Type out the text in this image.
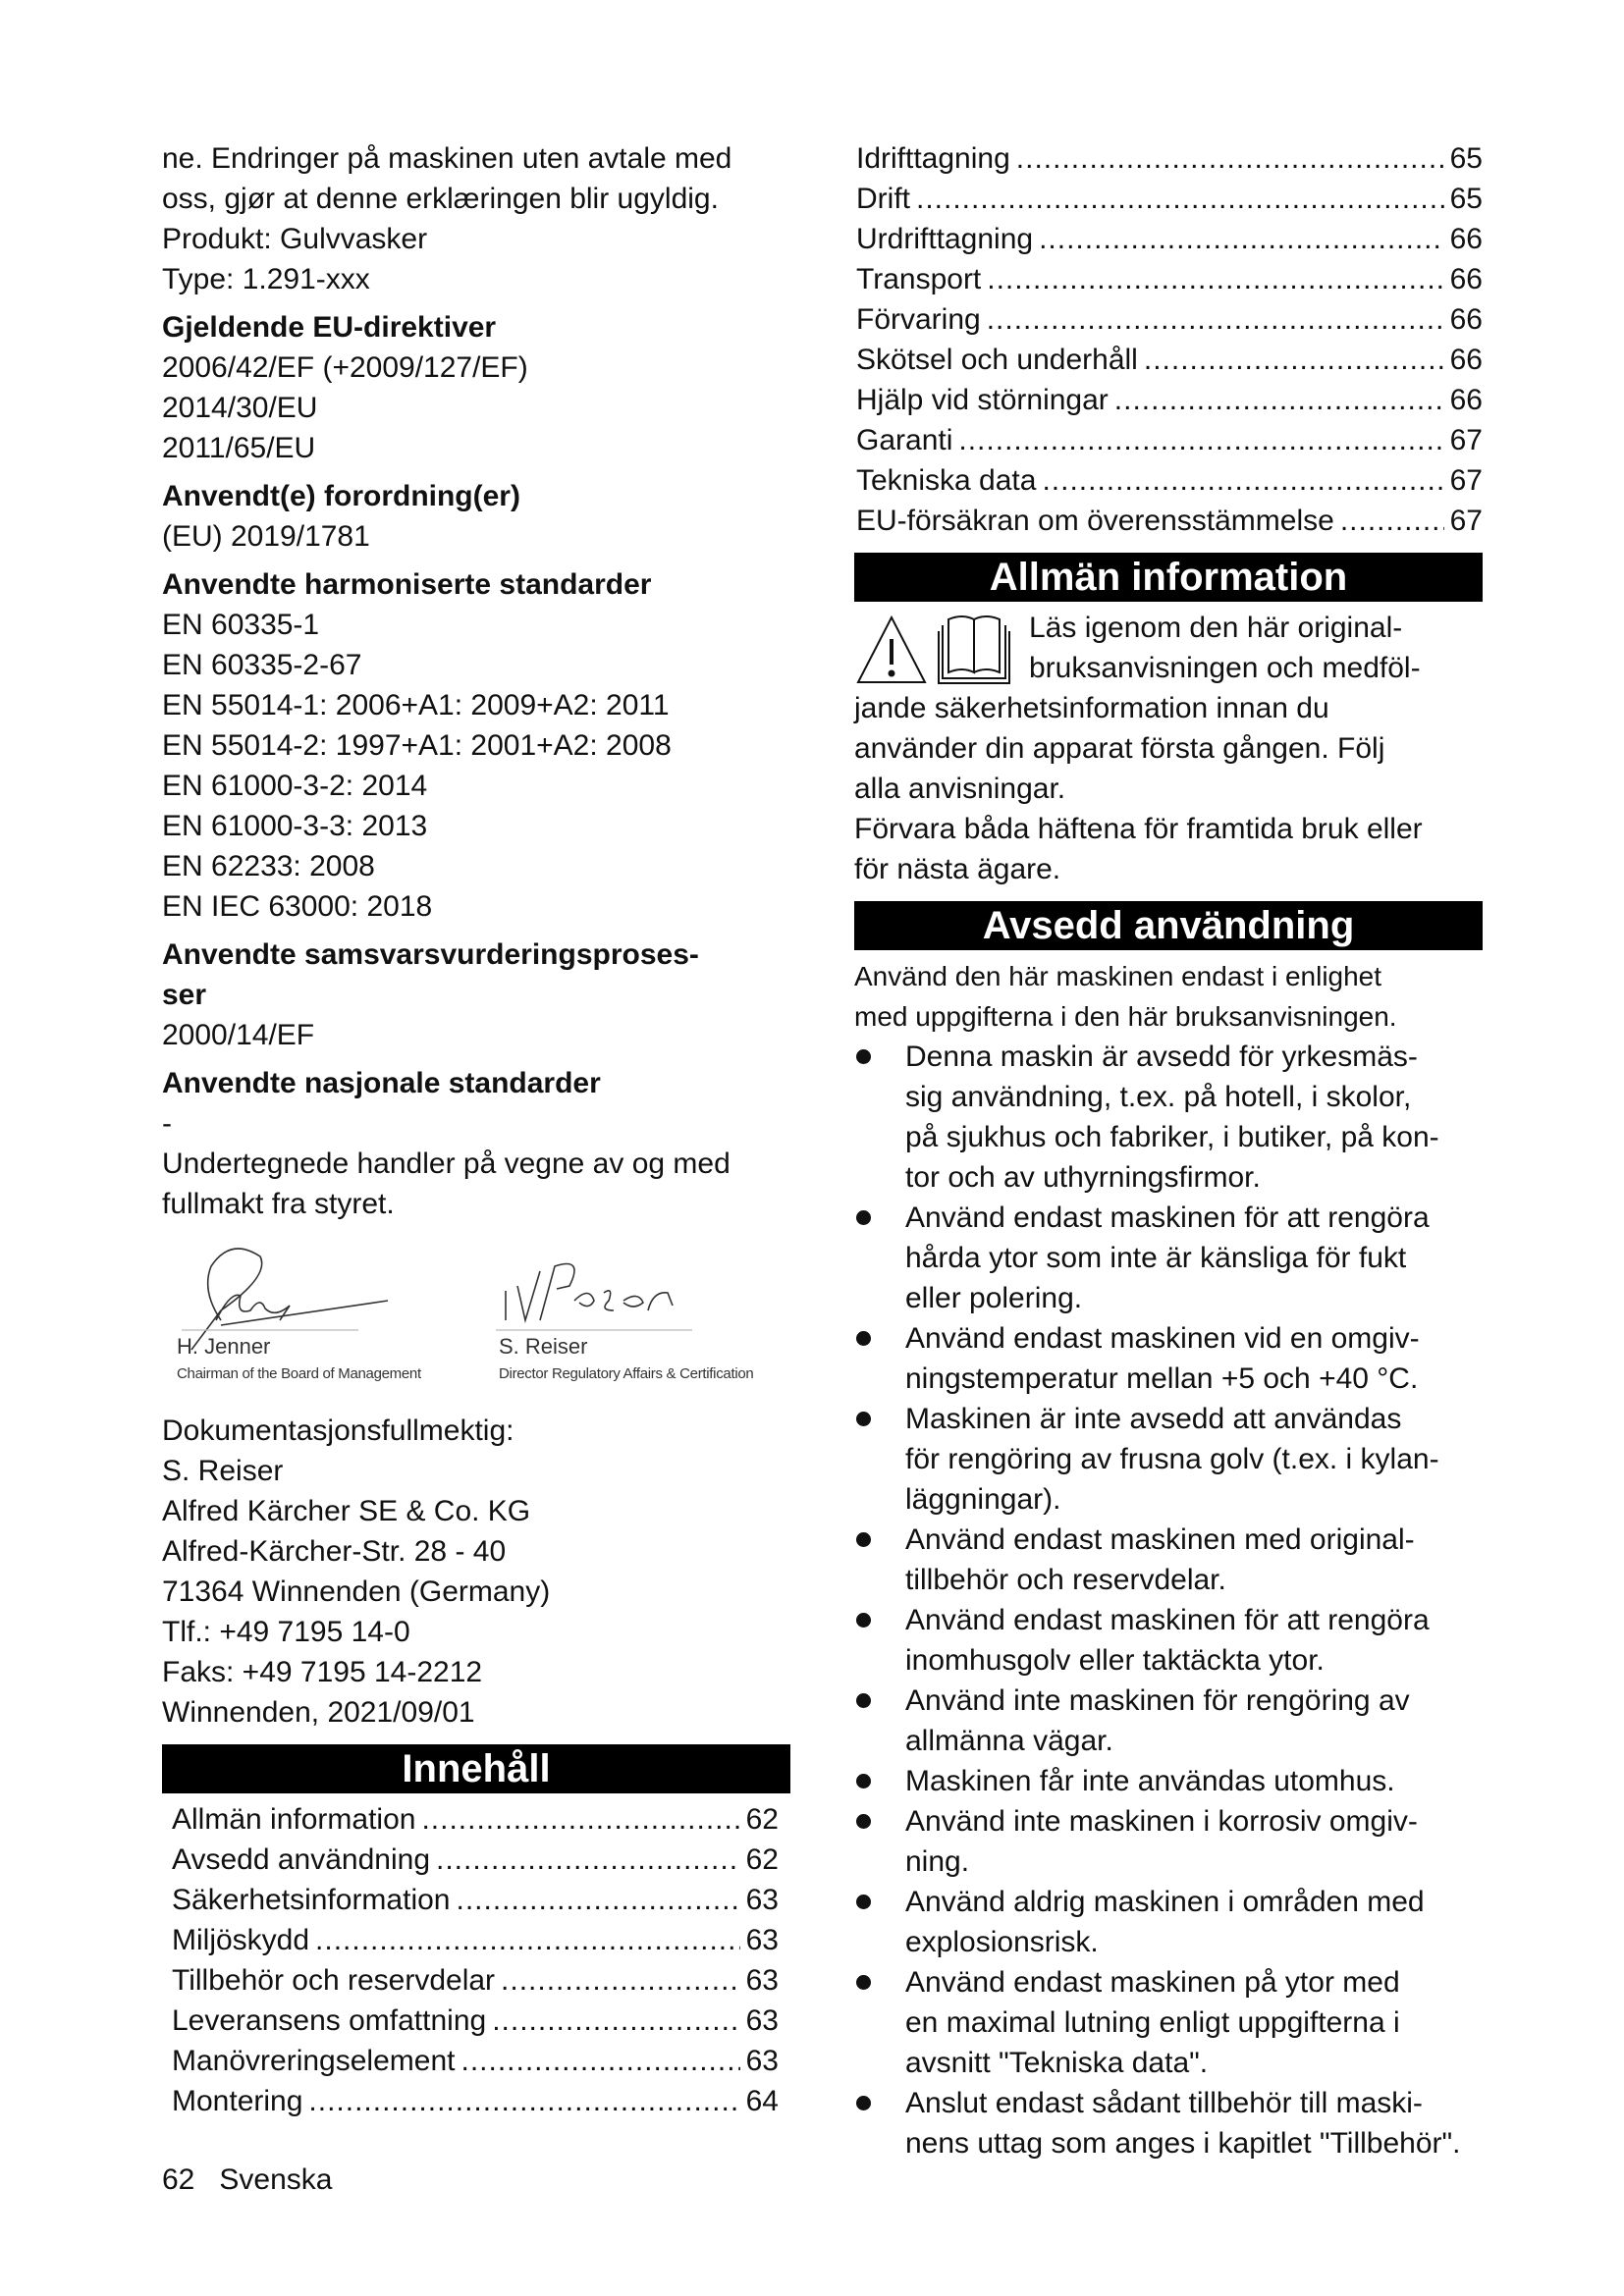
ne. Endringer på maskinen uten avtale med
oss, gjør at denne erklæringen blir ugyldig.
Produkt: Gulvvasker
Type: 1.291-xxx
Gjeldende EU-direktiver
2006/42/EF (+2009/127/EF)
2014/30/EU
2011/65/EU
Anvendt(e) forordning(er)
(EU) 2019/1781
Anvendte harmoniserte standarder
EN 60335-1
EN 60335-2-67
EN 55014-1: 2006+A1: 2009+A2: 2011
EN 55014-2: 1997+A1: 2001+A2: 2008
EN 61000-3-2: 2014
EN 61000-3-3: 2013
EN 62233: 2008
EN IEC 63000: 2018
Anvendte samsvarsvurderingsproses-
ser
2000/14/EF
Anvendte nasjonale standarder
-
Undertegnede handler på vegne av og med
fullmakt fra styret.
H. Jenner
Chairman of the Board of Management
S. Reiser
Director Regulatory Affairs & Certification
Dokumentasjonsfullmektig:
S. Reiser
Alfred Kärcher SE & Co. KG
Alfred-Kärcher-Str. 28 - 40
71364 Winnenden (Germany)
Tlf.: +49 7195 14-0
Faks: +49 7195 14-2212
Winnenden, 2021/09/01
Innehåll
Allmän information .....	62
Avsedd användning .....	62
Säkerhetsinformation .....	63
Miljöskydd .....	63
Tillbehör och reservdelar .....	63
Leveransens omfattning .....	63
Manövreringselement .....	63
Montering .....	64
Idrifttagning .....	65
Drift .....	65
Urdrifttagning .....	66
Transport .....	66
Förvaring .....	66
Skötsel och underhåll .....	66
Hjälp vid störningar .....	66
Garanti .....	67
Tekniska data .....	67
EU-försäkran om överensstämmelse .....	67
Allmän information
Läs igenom den här original-
bruksanvisningen och medföl-
jande säkerhetsinformation innan du
använder din apparat första gången. Följ
alla anvisningar.
Förvara båda häftena för framtida bruk eller
för nästa ägare.
Avsedd användning
Använd den här maskinen endast i enlighet
med uppgifterna i den här bruksanvisningen.
Denna maskin är avsedd för yrkesmäs-
sig användning, t.ex. på hotell, i skolor,
på sjukhus och fabriker, i butiker, på kon-
tor och av uthyrningsfirmor.
Använd endast maskinen för att rengöra
hårda ytor som inte är känsliga för fukt
eller polering.
Använd endast maskinen vid en omgiv-
ningstemperatur mellan +5 och +40 °C.
Maskinen är inte avsedd att användas
för rengöring av frusna golv (t.ex. i kylan-
läggningar).
Använd endast maskinen med original-
tillbehör och reservdelar.
Använd endast maskinen för att rengöra
inomhusgolv eller taktäckta ytor.
Använd inte maskinen för rengöring av
allmänna vägar.
Maskinen får inte användas utomhus.
Använd inte maskinen i korrosiv omgiv-
ning.
Använd aldrig maskinen i områden med
explosionsrisk.
Använd endast maskinen på ytor med
en maximal lutning enligt uppgifterna i
avsnitt "Tekniska data".
Anslut endast sådant tillbehör till maski-
nens uttag som anges i kapitlet "Tillbehör".
62 Svenska
